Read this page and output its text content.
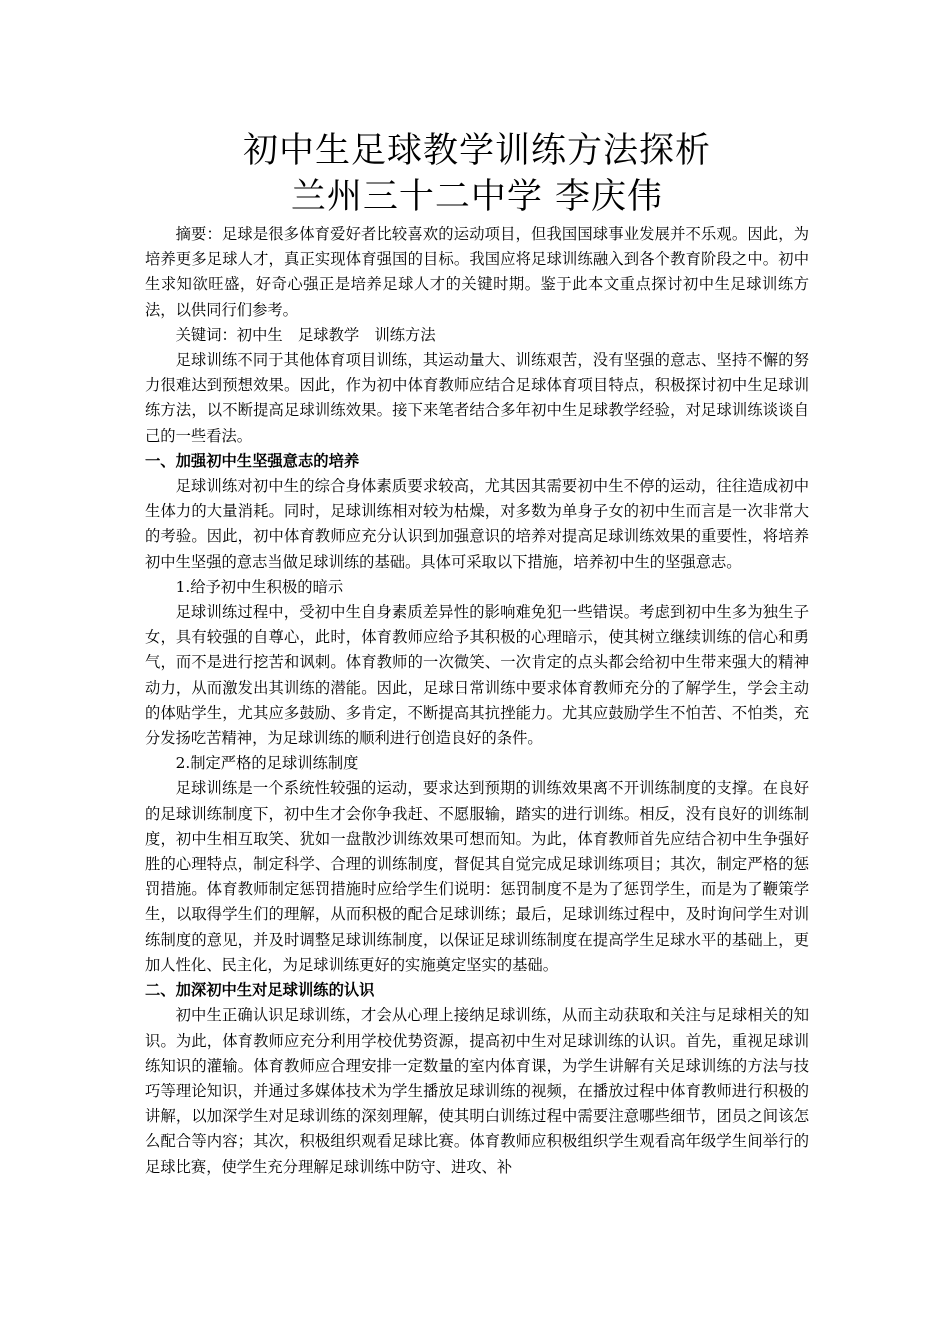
初中生足球教学训练方法探析
兰州三十二中学 李庆伟

摘要：足球是很多体育爱好者比较喜欢的运动项目，但我国国球事业发展并不乐观。因此，为培养更多足球人才，真正实现体育强国的目标。我国应将足球训练融入到各个教育阶段之中。初中生求知欲旺盛，好奇心强正是培养足球人才的关键时期。鉴于此本文重点探讨初中生足球训练方法，以供同行们参考。

关键词：初中生　足球教学　训练方法

足球训练不同于其他体育项目训练，其运动量大、训练艰苦，没有坚强的意志、坚持不懈的努力很难达到预想效果。因此，作为初中体育教师应结合足球体育项目特点，积极探讨初中生足球训练方法，以不断提高足球训练效果。接下来笔者结合多年初中生足球教学经验，对足球训练谈谈自己的一些看法。

一、加强初中生坚强意志的培养

足球训练对初中生的综合身体素质要求较高，尤其因其需要初中生不停的运动，往往造成初中生体力的大量消耗。同时，足球训练相对较为枯燥，对多数为单身子女的初中生而言是一次非常大的考验。因此，初中体育教师应充分认识到加强意识的培养对提高足球训练效果的重要性，将培养初中生坚强的意志当做足球训练的基础。具体可采取以下措施，培养初中生的坚强意志。

1.给予初中生积极的暗示

足球训练过程中，受初中生自身素质差异性的影响难免犯一些错误。考虑到初中生多为独生子女，具有较强的自尊心，此时，体育教师应给予其积极的心理暗示，使其树立继续训练的信心和勇气，而不是进行挖苦和讽刺。体育教师的一次微笑、一次肯定的点头都会给初中生带来强大的精神动力，从而激发出其训练的潜能。因此，足球日常训练中要求体育教师充分的了解学生，学会主动的体贴学生，尤其应多鼓励、多肯定，不断提高其抗挫能力。尤其应鼓励学生不怕苦、不怕类，充分发扬吃苦精神，为足球训练的顺利进行创造良好的条件。

2.制定严格的足球训练制度

足球训练是一个系统性较强的运动，要求达到预期的训练效果离不开训练制度的支撑。在良好的足球训练制度下，初中生才会你争我赶、不愿服输，踏实的进行训练。相反，没有良好的训练制度，初中生相互取笑、犹如一盘散沙训练效果可想而知。为此，体育教师首先应结合初中生争强好胜的心理特点，制定科学、合理的训练制度，督促其自觉完成足球训练项目；其次，制定严格的惩罚措施。体育教师制定惩罚措施时应给学生们说明：惩罚制度不是为了惩罚学生，而是为了鞭策学生，以取得学生们的理解，从而积极的配合足球训练；最后，足球训练过程中，及时询问学生对训练制度的意见，并及时调整足球训练制度，以保证足球训练制度在提高学生足球水平的基础上，更加人性化、民主化，为足球训练更好的实施奠定坚实的基础。

二、加深初中生对足球训练的认识

初中生正确认识足球训练，才会从心理上接纳足球训练，从而主动获取和关注与足球相关的知识。为此，体育教师应充分利用学校优势资源，提高初中生对足球训练的认识。首先，重视足球训练知识的灌输。体育教师应合理安排一定数量的室内体育课，为学生讲解有关足球训练的方法与技巧等理论知识，并通过多媒体技术为学生播放足球训练的视频，在播放过程中体育教师进行积极的讲解，以加深学生对足球训练的深刻理解，使其明白训练过程中需要注意哪些细节，团员之间该怎么配合等内容；其次，积极组织观看足球比赛。体育教师应积极组织学生观看高年级学生间举行的足球比赛，使学生充分理解足球训练中防守、进攻、补
